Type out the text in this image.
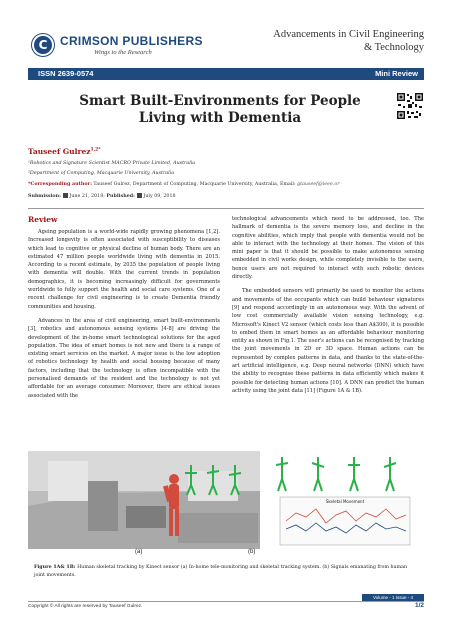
C CRIMSON PUBLISHERS
Wings to the Research
Advancements in Civil Engineering
& Technology
ISSN 2639-0574	Mini Review
Smart Built-Environments for People Living with Dementia
Tauseef Gulrez$^{1,2*}$
¹Robotics and Signature Scientist MACRO Private Limited, Australia
²Department of Computing, Macquarie University, Australia
*Corresponding author: Tauseef Gulrez, Department of Computing, Macquarie University, Australia, Email: gtauseef@ieee.or
Submission: June 21, 2018; Published: July 09, 2018
Review

Ageing population is a world-wide rapidly growing phenomena [1,2]. Increased longevity is often associated with susceptibility to diseases which lead to cognitive or physical decline of human body. There are an estimated 47 million people worldwide living with dementia in 2015. According to a recent estimate, by 2035 the population of people living with dementia will double. With the current trends in population demographics, it is becoming increasingly difficult for governments worldwide to fully support the health and social care systems. One of a recent challenge for civil engineering is to create Dementia friendly communities and housing.

Advances in the area of civil engineering, smart built-environments [3], robotics and autonomous sensing systems [4-8] are driving the development of the in-home smart technological solutions for the aged population. The idea of smart homes is not new and there is a range of existing smart services on the market. A major issue is the low adoption of robotics technology by health and social housing because of many factors, including that the technology is often incompatible with the personalised demands of the resident and the technology is not yet affordable for an average consumer. Moreover, there are ethical issues associated with the

technological advancements which need to be addressed, too. The hallmark of dementia is the severe memory loss, and decline in the cognitive abilities, which imply that people with dementia would not be able to interact with the technology at their homes. The vision of this mini paper is that it should be possible to make autonomous sensing embedded in civil works design, while completely invisible to the users, hence users are not required to interact with such robotic devices directly.

The embedded sensors will primarily be used to monitor the actions and movements of the occupants which can build behaviour signatures [9] and respond accordingly in an autonomous way. With the advent of low cost commercially available vision sensing technology, e.g. Microsoft's Kinect V2 sensor (which costs less than A$300), it is possible to embed them in smart homes as an affordable behaviour monitoring entity as shown in Fig.1. The user's actions can be recognised by tracking the joint movements in 2D or 3D space. Human actions can be represented by complex patterns in data, and thanks to the state-of-the-art artificial intelligence, e.g. Deep neural networks (DNN) which have the ability to recognise these patterns in data efficiently which makes it possible for detecting human actions [10]. A DNN can predict the human activity using the joint data [11] (Figure 1A & 1B).

Skeletal Movement
(a)	(b)
Figure 1A& 1B: Human skeletal tracking by Kinect sensor (a) In-home tele-monitoring and skeletal tracking system. (b) Signals emanating from human joint movements.
Volume - 1 Issue - 4
Copyright © All rights are reserved by Tauseef Gulrez.	1/2
